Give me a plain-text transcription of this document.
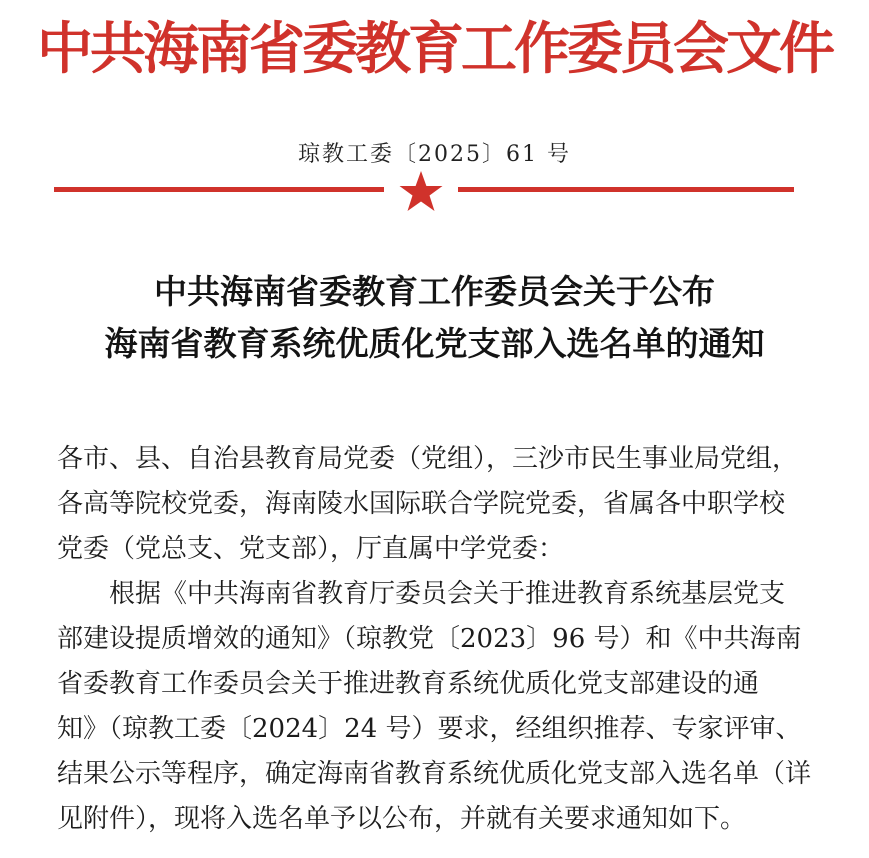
中共海南省委教育工作委员会文件
琼教工委〔2025〕61 号
中共海南省委教育工作委员会关于公布
海南省教育系统优质化党支部入选名单的通知
各市、县、自治县教育局党委（党组），三沙市民生事业局党组，
各高等院校党委，海南陵水国际联合学院党委，省属各中职学校
党委（党总支、党支部），厅直属中学党委：
根据《中共海南省教育厅委员会关于推进教育系统基层党支
部建设提质增效的通知》（琼教党〔2023〕96 号）和《中共海南
省委教育工作委员会关于推进教育系统优质化党支部建设的通
知》（琼教工委〔2024〕24 号）要求，经组织推荐、专家评审、
结果公示等程序，确定海南省教育系统优质化党支部入选名单（详
见附件），现将入选名单予以公布，并就有关要求通知如下。
